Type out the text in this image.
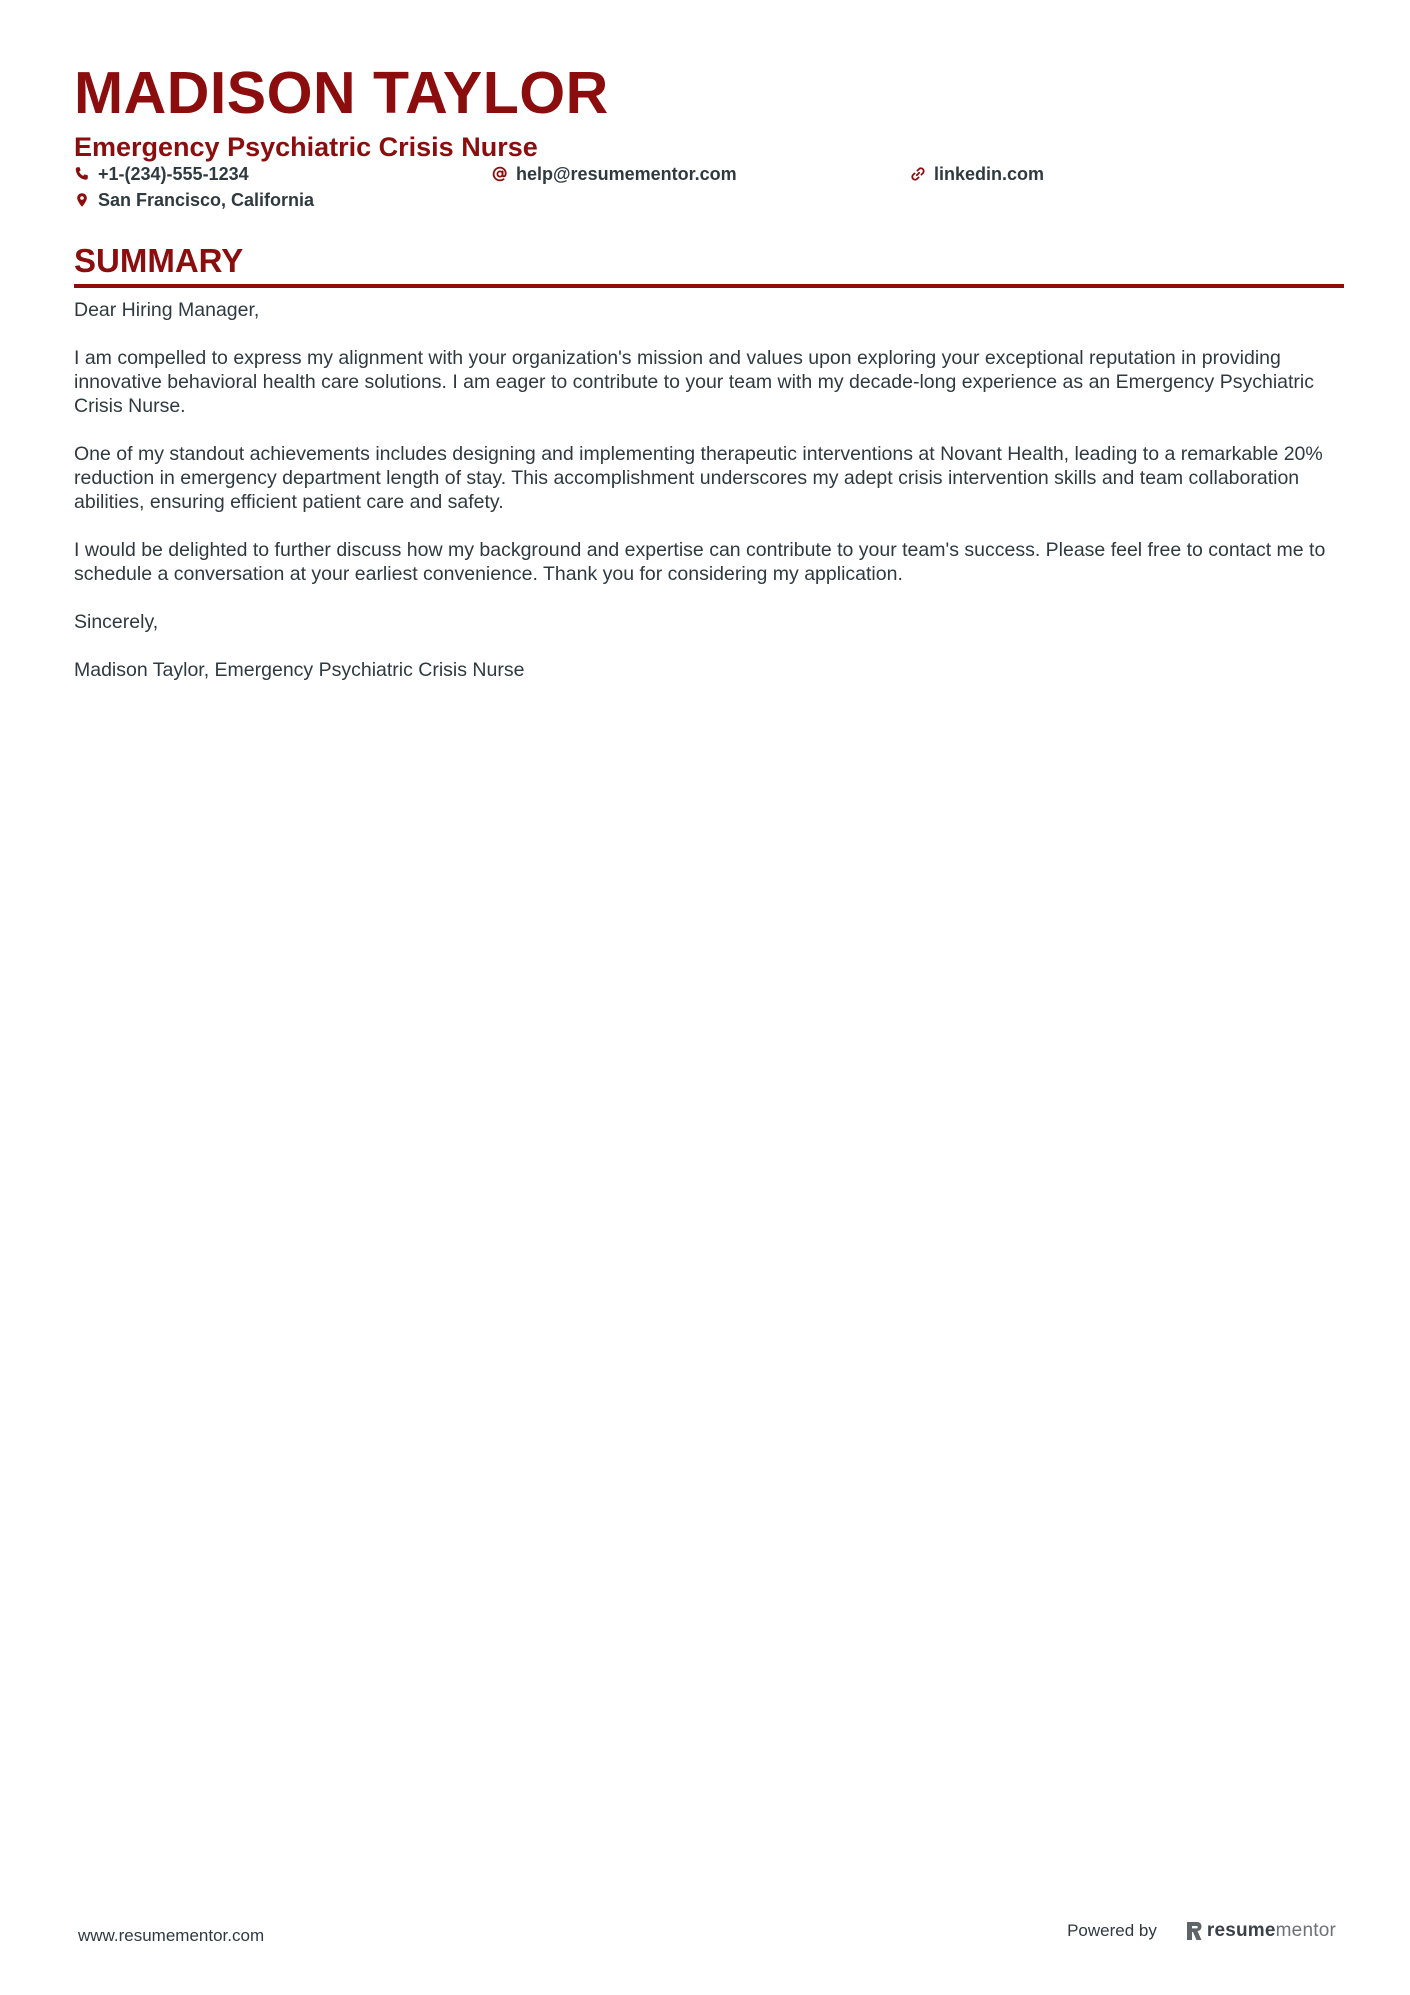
MADISON TAYLOR
Emergency Psychiatric Crisis Nurse
+1-(234)-555-1234	help@resumementor.com	linkedin.com
San Francisco, California
SUMMARY

Dear Hiring Manager,

I am compelled to express my alignment with your organization's mission and values upon exploring your exceptional reputation in providing innovative behavioral health care solutions. I am eager to contribute to your team with my decade-long experience as an Emergency Psychiatric Crisis Nurse.

One of my standout achievements includes designing and implementing therapeutic interventions at Novant Health, leading to a remarkable 20% reduction in emergency department length of stay. This accomplishment underscores my adept crisis intervention skills and team collaboration abilities, ensuring efficient patient care and safety.

I would be delighted to further discuss how my background and expertise can contribute to your team's success. Please feel free to contact me to schedule a conversation at your earliest convenience. Thank you for considering my application.

Sincerely,

Madison Taylor, Emergency Psychiatric Crisis Nurse

www.resumementor.com	Powered by	resumementor
